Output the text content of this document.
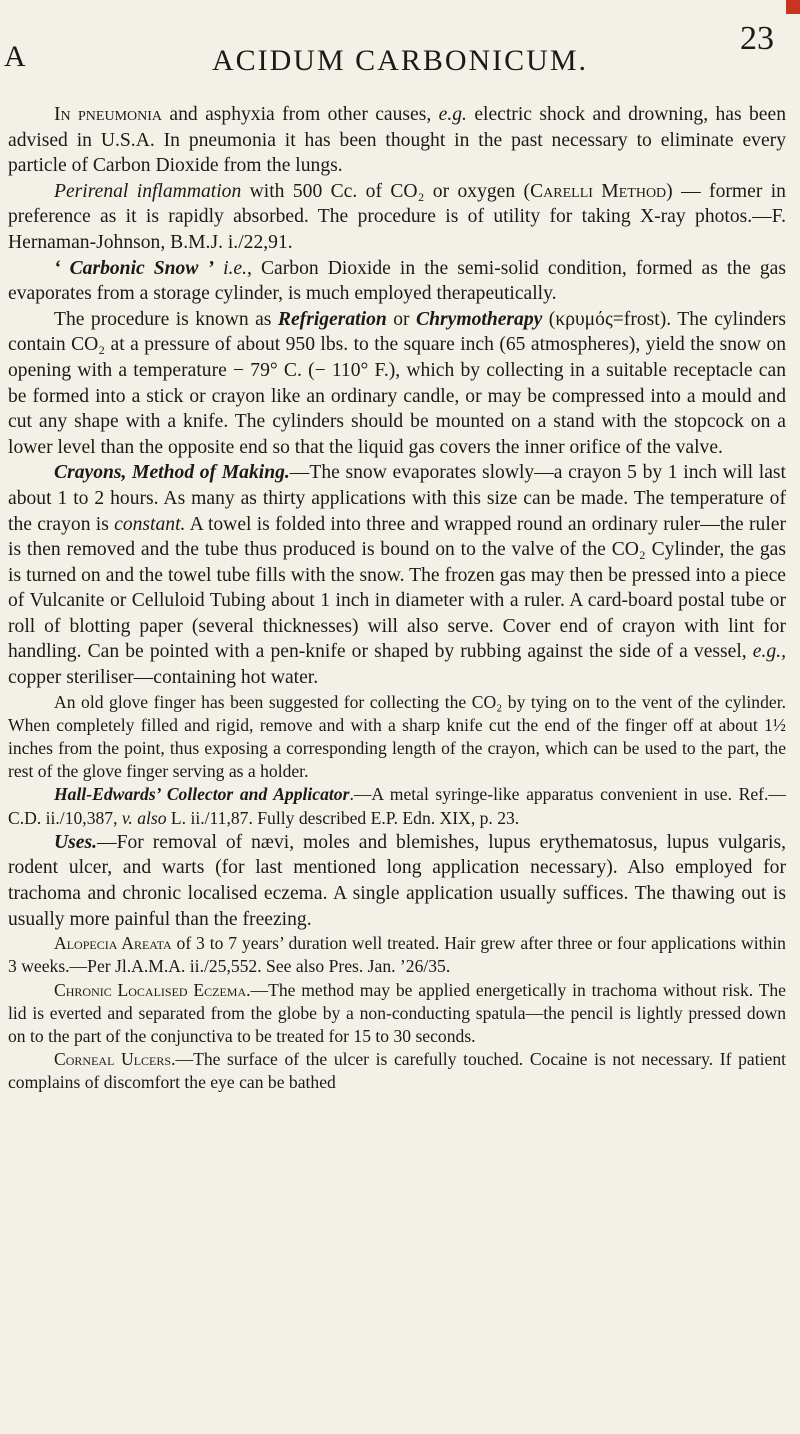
A	ACIDUM CARBONICUM.
23

In pneumonia and asphyxia from other causes, e.g. electric shock and drowning, has been advised in U.S.A. In pneumonia it has been thought in the past necessary to eliminate every particle of Carbon Dioxide from the lungs.

Perirenal inflammation with 500 Cc. of CO₂ or oxygen (Carelli Method) — former in preference as it is rapidly absorbed. The procedure is of utility for taking X-ray photos.—F. Hernaman-Johnson, B.M.J. i./22,91.

‘ Carbonic Snow ’ i.e., Carbon Dioxide in the semi-solid condition, formed as the gas evaporates from a storage cylinder, is much employed therapeutically.

The procedure is known as Refrigeration or Chrymotherapy (κρυμός=frost). The cylinders contain CO₂ at a pressure of about 950 lbs. to the square inch (65 atmospheres), yield the snow on opening with a temperature − 79° C. (− 110° F.), which by collecting in a suitable receptacle can be formed into a stick or crayon like an ordinary candle, or may be compressed into a mould and cut any shape with a knife. The cylinders should be mounted on a stand with the stopcock on a lower level than the opposite end so that the liquid gas covers the inner orifice of the valve.

Crayons, Method of Making.—The snow evaporates slowly—a crayon 5 by 1 inch will last about 1 to 2 hours. As many as thirty applications with this size can be made. The temperature of the crayon is constant. A towel is folded into three and wrapped round an ordinary ruler—the ruler is then removed and the tube thus produced is bound on to the valve of the CO₂ Cylinder, the gas is turned on and the towel tube fills with the snow. The frozen gas may then be pressed into a piece of Vulcanite or Celluloid Tubing about 1 inch in diameter with a ruler. A card-board postal tube or roll of blotting paper (several thicknesses) will also serve. Cover end of crayon with lint for handling. Can be pointed with a pen-knife or shaped by rubbing against the side of a vessel, e.g., copper steriliser—containing hot water.

An old glove finger has been suggested for collecting the CO₂ by tying on to the vent of the cylinder. When completely filled and rigid, remove and with a sharp knife cut the end of the finger off at about 1½ inches from the point, thus exposing a corresponding length of the crayon, which can be used to the part, the rest of the glove finger serving as a holder.

Hall-Edwards’ Collector and Applicator.—A metal syringe-like apparatus convenient in use. Ref.—C.D. ii./10,387, v. also L. ii./11,87. Fully described E.P. Edn. XIX, p. 23.

Uses.—For removal of nævi, moles and blemishes, lupus erythematosus, lupus vulgaris, rodent ulcer, and warts (for last mentioned long application necessary). Also employed for trachoma and chronic localised eczema. A single application usually suffices. The thawing out is usually more painful than the freezing.

Alopecia Areata of 3 to 7 years’ duration well treated. Hair grew after three or four applications within 3 weeks.—Per Jl.A.M.A. ii./25,552. See also Pres. Jan. ’26/35.

Chronic Localised Eczema.—The method may be applied energetically in trachoma without risk. The lid is everted and separated from the globe by a non-conducting spatula—the pencil is lightly pressed down on to the part of the conjunctiva to be treated for 15 to 30 seconds.

Corneal Ulcers.—The surface of the ulcer is carefully touched. Cocaine is not necessary. If patient complains of discomfort the eye can be bathed
